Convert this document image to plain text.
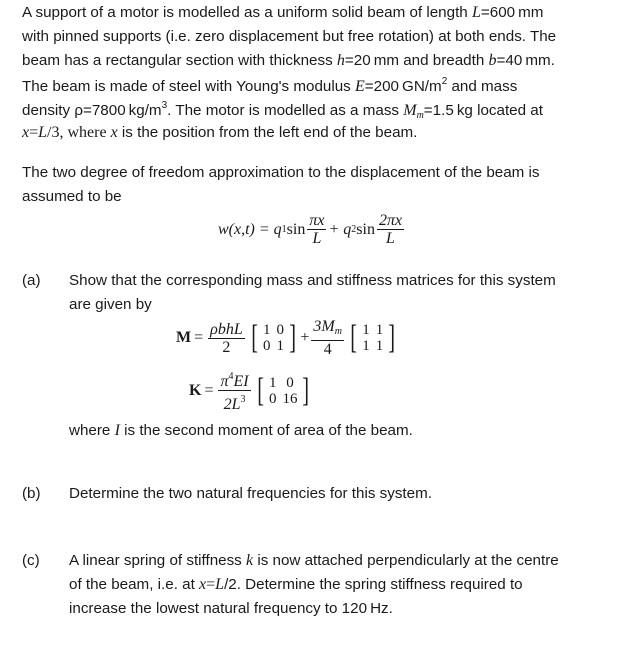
A support of a motor is modelled as a uniform solid beam of length L=600 mm
with pinned supports (i.e. zero displacement but free rotation) at both ends. The
beam has a rectangular section with thickness h=20 mm and breadth b=40 mm.
The beam is made of steel with Young's modulus E=200 $GN/m^2$ and mass
density ρ=7800 $kg/m^3$. The motor is modelled as a mass $M_m=1.5$ kg located at
x=L/3, where x is the position from the left end of the beam.
The two degree of freedom approximation to the displacement of the beam is
assumed to be
w(x,t) = q 1 $\sin \frac{\pi x}{L} + q$ 2 $\sin \frac{2\pi x}{L}$
(a) Show that the corresponding mass and stiffness matrices for this system
are given by
$M = \frac{\text{ρbhL}}{2}$ [ 1	0
0	1 ] + $\frac{3M_m}{4}$ [ 1	1
1	1 ]
$K = \frac{\pi^4EI}{2L^3}$ [ 1	0
0	16 ]
where I is the second moment of area of the beam.
(b) Determine the two natural frequencies for this system.
(c) A linear spring of stiffness k is now attached perpendicularly at the centre
of the beam, i.e. at x=L/2. Determine the spring stiffness required to
increase the lowest natural frequency to 120 Hz.
